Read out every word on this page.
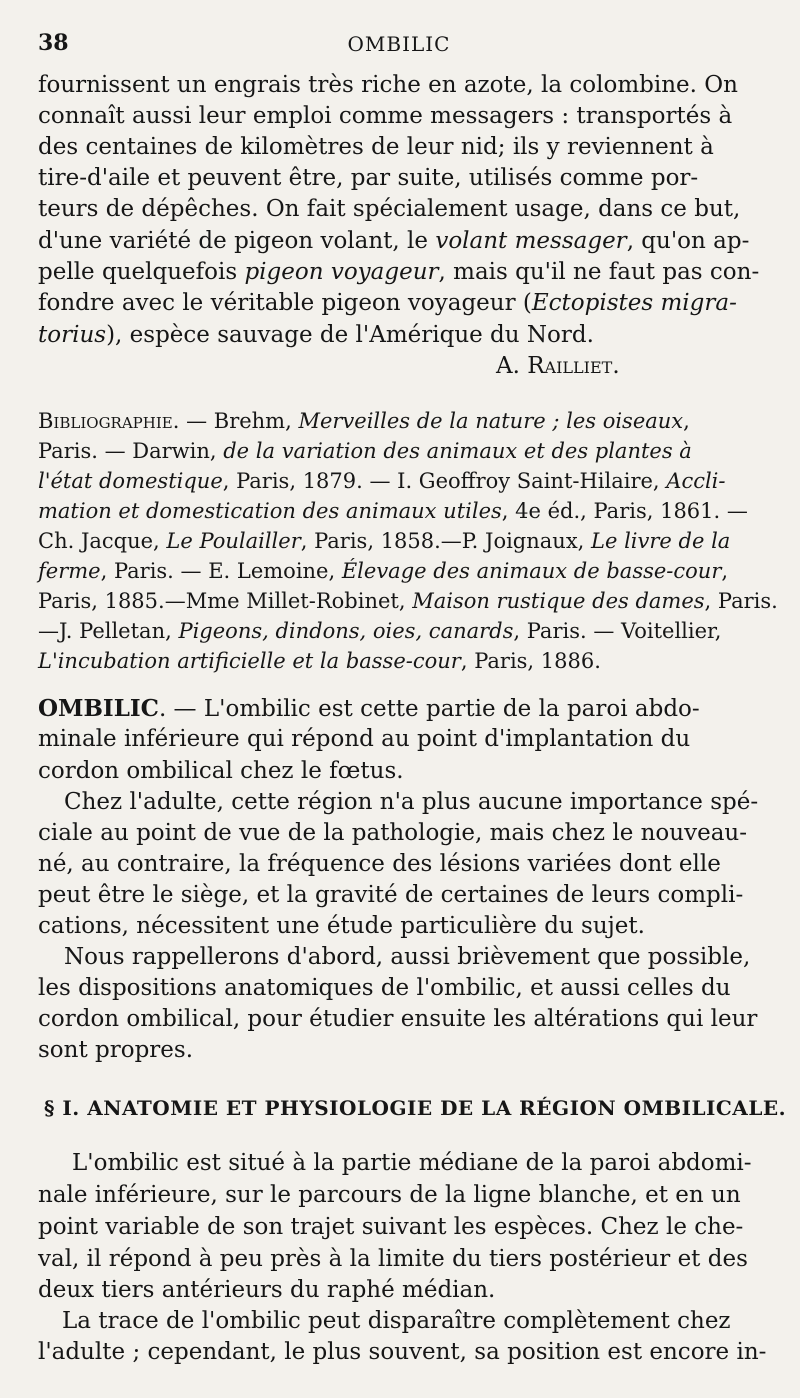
38	OMBILIC
fournissent un engrais très riche en azote, la colombine. On
connaît aussi leur emploi comme messagers : transportés à
des centaines de kilomètres de leur nid; ils y reviennent à
tire-d'aile et peuvent être, par suite, utilisés comme por-
teurs de dépêches. On fait spécialement usage, dans ce but,
d'une variété de pigeon volant, le volant messager, qu'on ap-
pelle quelquefois pigeon voyageur, mais qu'il ne faut pas con-
fondre avec le véritable pigeon voyageur (Ectopistes migra-
torius), espèce sauvage de l'Amérique du Nord.
A. Railliet.
Bibliographie. — Brehm, Merveilles de la nature ; les oiseaux,
Paris. — Darwin, de la variation des animaux et des plantes à
l'état domestique, Paris, 1879. — I. Geoffroy Saint-Hilaire, Accli-
mation et domestication des animaux utiles, 4e éd., Paris, 1861. —
Ch. Jacque, Le Poulailler, Paris, 1858.—P. Joignaux, Le livre de la
ferme, Paris. — E. Lemoine, Élevage des animaux de basse-cour,
Paris, 1885.—Mme Millet-Robinet, Maison rustique des dames, Paris.
—J. Pelletan, Pigeons, dindons, oies, canards, Paris. — Voitellier,
L'incubation artificielle et la basse-cour, Paris, 1886.
OMBILIC. — L'ombilic est cette partie de la paroi abdo-
minale inférieure qui répond au point d'implantation du
cordon ombilical chez le fœtus.
Chez l'adulte, cette région n'a plus aucune importance spé-
ciale au point de vue de la pathologie, mais chez le nouveau-
né, au contraire, la fréquence des lésions variées dont elle
peut être le siège, et la gravité de certaines de leurs compli-
cations, nécessitent une étude particulière du sujet.
Nous rappellerons d'abord, aussi brièvement que possible,
les dispositions anatomiques de l'ombilic, et aussi celles du
cordon ombilical, pour étudier ensuite les altérations qui leur
sont propres.
§ I. ANATOMIE ET PHYSIOLOGIE DE LA RÉGION OMBILICALE.
L'ombilic est situé à la partie médiane de la paroi abdomi-
nale inférieure, sur le parcours de la ligne blanche, et en un
point variable de son trajet suivant les espèces. Chez le che-
val, il répond à peu près à la limite du tiers postérieur et des
deux tiers antérieurs du raphé médian.
La trace de l'ombilic peut disparaître complètement chez
l'adulte ; cependant, le plus souvent, sa position est encore in-
